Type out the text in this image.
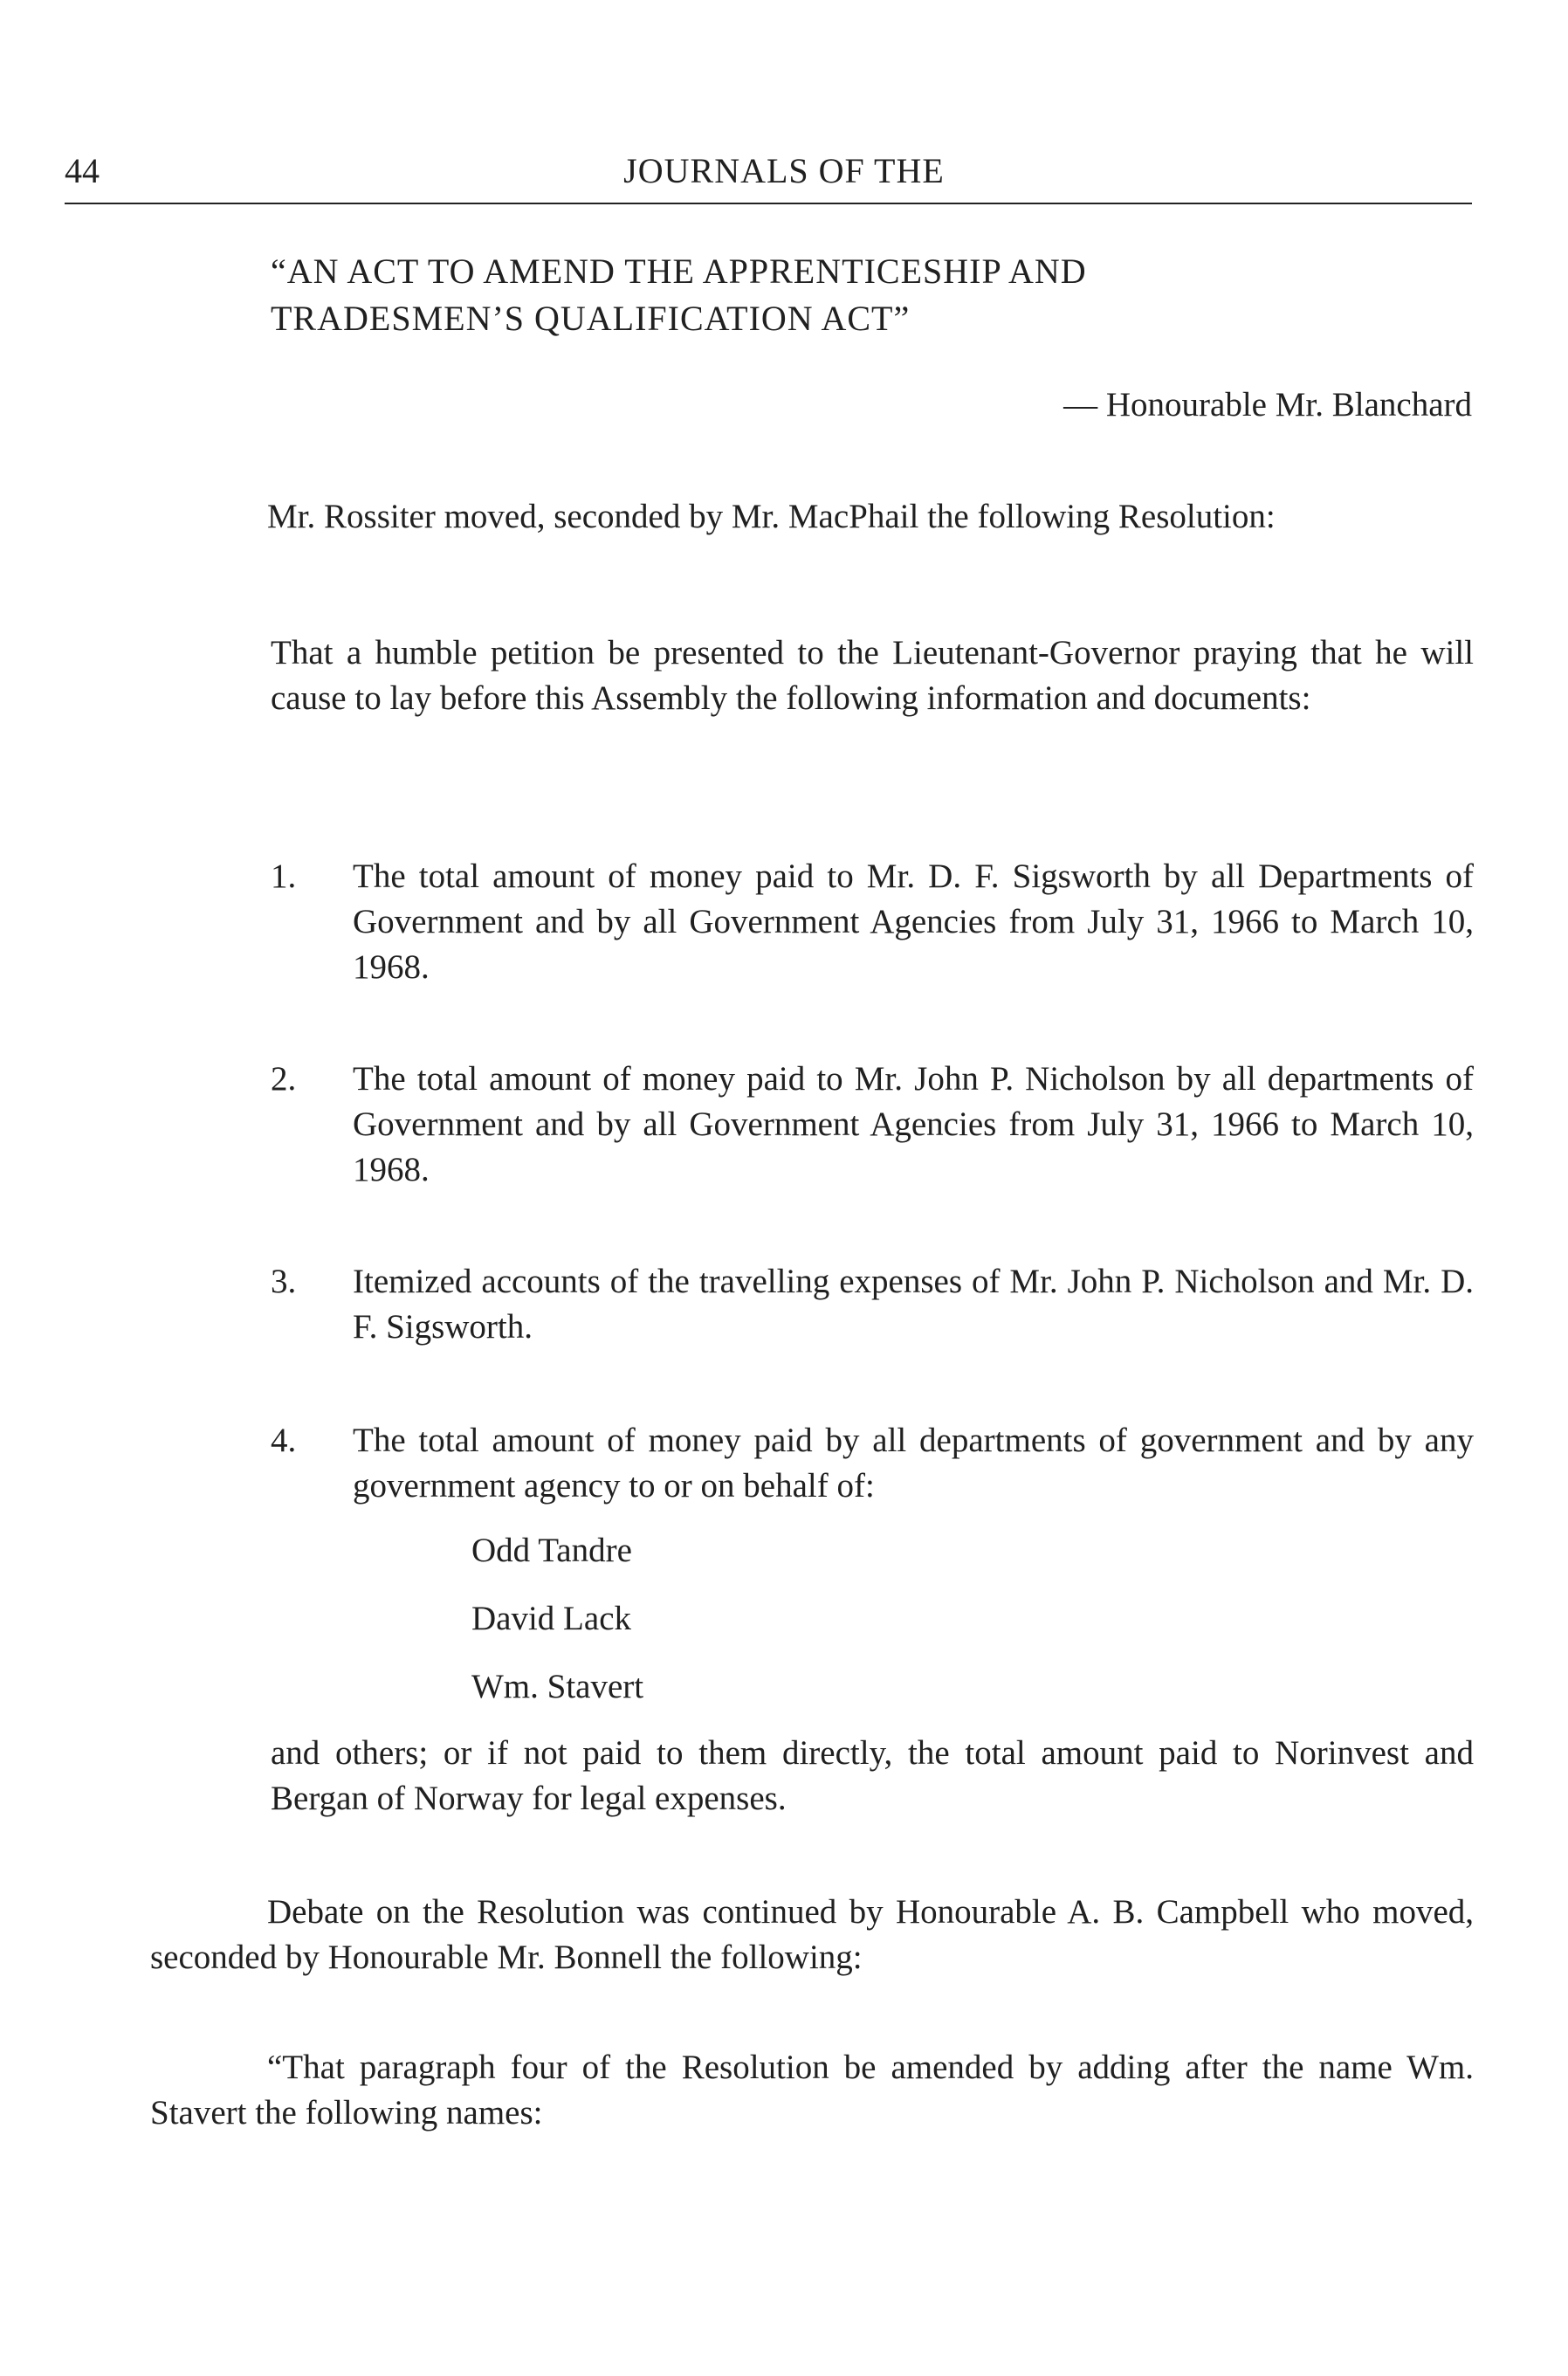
44	JOURNALS OF THE
“AN ACT TO AMEND THE APPRENTICESHIP AND
TRADESMEN’S QUALIFICATION ACT”
— Honourable Mr. Blanchard
Mr. Rossiter moved, seconded by Mr. MacPhail the following Resolution:
That a humble petition be presented to the Lieutenant-Governor praying that he will cause to lay before this Assembly the following information and documents:
1. The total amount of money paid to Mr. D. F. Sigsworth by all Departments of Government and by all Government Agencies from July 31, 1966 to March 10, 1968.
2. The total amount of money paid to Mr. John P. Nicholson by all departments of Government and by all Government Agencies from July 31, 1966 to March 10, 1968.
3. Itemized accounts of the travelling expenses of Mr. John P. Nicholson and Mr. D. F. Sigsworth.
4. The total amount of money paid by all departments of government and by any government agency to or on behalf of:
Odd Tandre
David Lack
Wm. Stavert
and others; or if not paid to them directly, the total amount paid to Norinvest and Bergan of Norway for legal expenses.
Debate on the Resolution was continued by Honourable A. B. Campbell who moved, seconded by Honourable Mr. Bonnell the following:
“That paragraph four of the Resolution be amended by adding after the name Wm. Stavert the following names:
